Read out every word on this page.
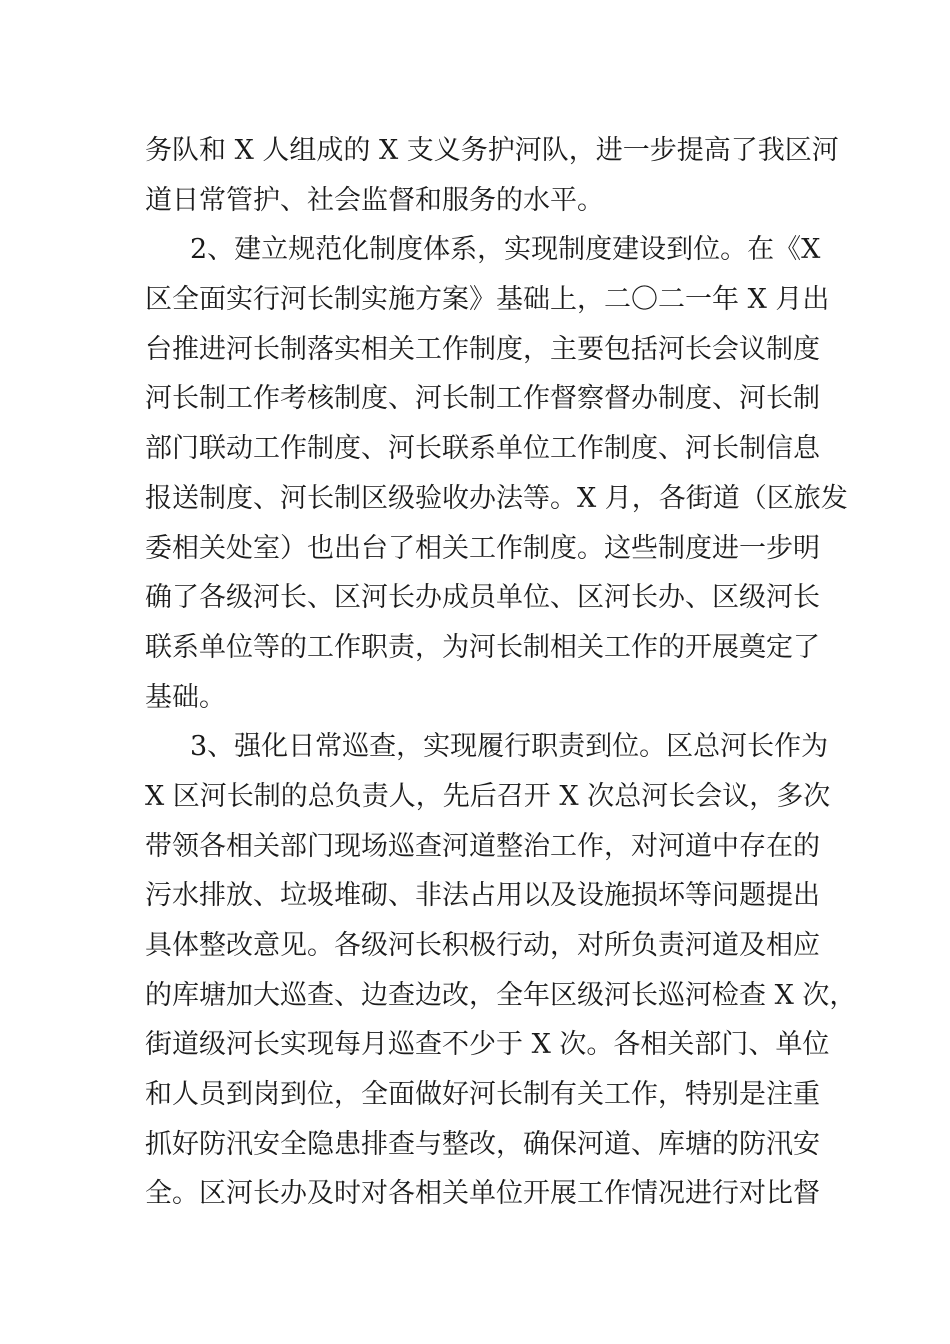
务队和 X 人组成的 X 支义务护河队，进一步提高了我区河
道日常管护、社会监督和服务的水平。
2、建立规范化制度体系，实现制度建设到位。在《X
区全面实行河长制实施方案》基础上，二〇二一年 X 月出
台推进河长制落实相关工作制度，主要包括河长会议制度
河长制工作考核制度、河长制工作督察督办制度、河长制
部门联动工作制度、河长联系单位工作制度、河长制信息
报送制度、河长制区级验收办法等。X 月，各街道（区旅发
委相关处室）也出台了相关工作制度。这些制度进一步明
确了各级河长、区河长办成员单位、区河长办、区级河长
联系单位等的工作职责，为河长制相关工作的开展奠定了
基础。
3、强化日常巡查，实现履行职责到位。区总河长作为
X 区河长制的总负责人，先后召开 X 次总河长会议，多次
带领各相关部门现场巡查河道整治工作，对河道中存在的
污水排放、垃圾堆砌、非法占用以及设施损坏等问题提出
具体整改意见。各级河长积极行动，对所负责河道及相应
的库塘加大巡查、边查边改，全年区级河长巡河检查 X 次，
街道级河长实现每月巡查不少于 X 次。各相关部门、单位
和人员到岗到位，全面做好河长制有关工作，特别是注重
抓好防汛安全隐患排查与整改，确保河道、库塘的防汛安
全。区河长办及时对各相关单位开展工作情况进行对比督
